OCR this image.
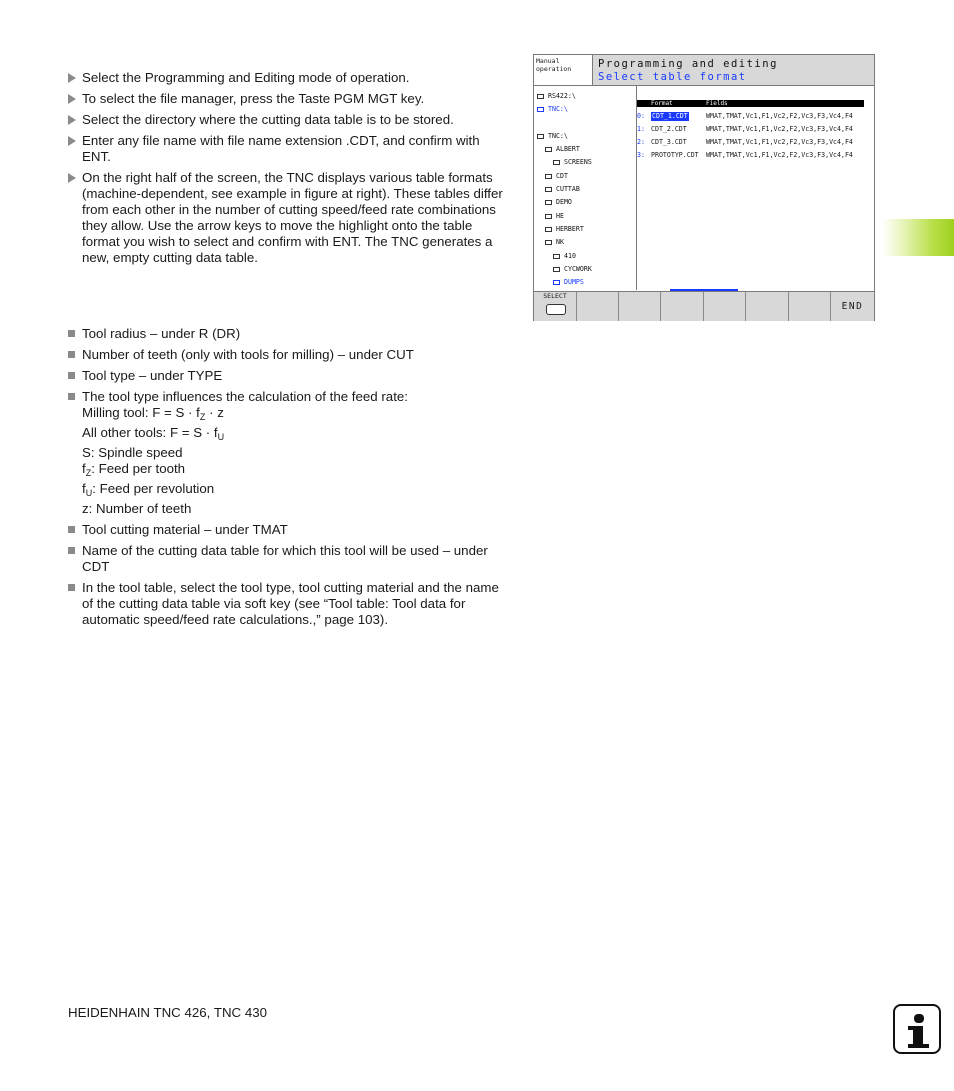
Select the Programming and Editing mode of operation.
To select the file manager, press the Taste PGM MGT key.
Select the directory where the cutting data table is to be stored.
Enter any file name with file name extension .CDT, and confirm with ENT.
On the right half of the screen, the TNC displays various table formats (machine-dependent, see example in figure at right). These tables differ from each other in the number of cutting speed/feed rate combinations they allow. Use the arrow keys to move the highlight onto the table format you wish to select and confirm with ENT. The TNC generates a new, empty cutting data table.
Tool radius – under R (DR)
Number of teeth (only with tools for milling) – under CUT
Tool type – under TYPE
The tool type influences the calculation of the feed rate:
Milling tool: $F = S \cdot f_Z \cdot z$
All other tools: $F = S \cdot f_U$
S: Spindle speed
$f_Z$: Feed per tooth
$f_U$: Feed per revolution
z: Number of teeth
Tool cutting material – under TMAT
Name of the cutting data table for which this tool will be used – under CDT
In the tool table, select the tool type, tool cutting material and the name of the cutting data table via soft key (see “Tool table: Tool data for automatic speed/feed rate calculations.,” page 103).
Manual
operation	Programming and editing
Select table format
RS422:\
TNC:\
TNC:\
ALBERT
SCREENS
CDT
CUTTAB
DEMO
HE
HERBERT
NK
410
CYCWORK
DUMPS
Format	Fields
0: CDT_1.CDT	WMAT,TMAT,Vc1,F1,Vc2,F2,Vc3,F3,Vc4,F4
1: CDT_2.CDT	WMAT,TMAT,Vc1,F1,Vc2,F2,Vc3,F3,Vc4,F4
2: CDT_3.CDT	WMAT,TMAT,Vc1,F1,Vc2,F2,Vc3,F3,Vc4,F4
3: PROTOTYP.CDT WMAT,TMAT,Vc1,F1,Vc2,F2,Vc3,F3,Vc4,F4
SELECT
END
HEIDENHAIN TNC 426, TNC 430
